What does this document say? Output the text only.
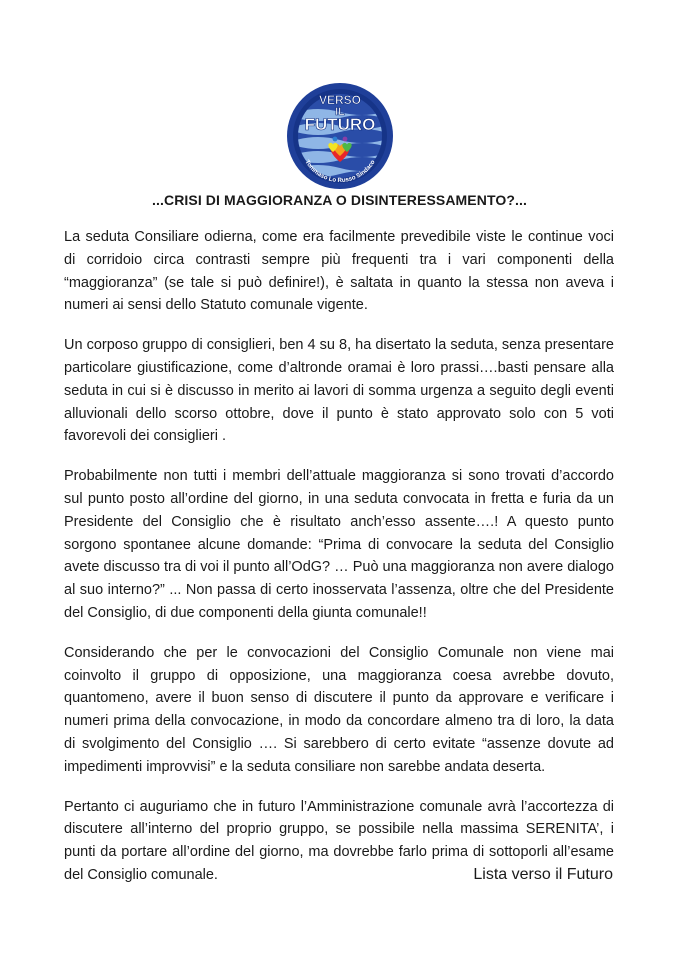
VERSO
IL
FUTURO
Tommaso Lo Russo Sindaco
...CRISI DI MAGGIORANZA O DISINTERESSAMENTO?...

La seduta Consiliare odierna, come era facilmente prevedibile viste le continue voci di corridoio circa contrasti sempre più frequenti tra i vari componenti della “maggioranza” (se tale si può definire!), è saltata in quanto la stessa non aveva i numeri ai sensi dello Statuto comunale vigente.

Un corposo gruppo di consiglieri, ben 4 su 8, ha disertato la seduta, senza presentare particolare giustificazione, come d’altronde oramai è loro prassi….basti pensare alla seduta in cui si è discusso in merito ai lavori di somma urgenza a seguito degli eventi alluvionali dello scorso ottobre, dove il punto è stato approvato solo con 5 voti favorevoli dei consiglieri .

Probabilmente non tutti i membri dell’attuale maggioranza si sono trovati d’accordo sul punto posto all’ordine del giorno, in una seduta convocata in fretta e furia da un Presidente del Consiglio che è risultato anch’esso assente….! A questo punto sorgono spontanee alcune domande: “Prima di convocare la seduta del Consiglio avete discusso tra di voi il punto all’OdG? … Può una maggioranza non avere dialogo al suo interno?” ... Non passa di certo inosservata l’assenza, oltre che del Presidente del Consiglio, di due componenti della giunta comunale!!

Considerando che per le convocazioni del Consiglio Comunale non viene mai coinvolto il gruppo di opposizione, una maggioranza coesa avrebbe dovuto, quantomeno, avere il buon senso di discutere il punto da approvare e verificare i numeri prima della convocazione, in modo da concordare almeno tra di loro, la data di svolgimento del Consiglio …. Si sarebbero di certo evitate “assenze dovute ad impedimenti improvvisi” e la seduta consiliare non sarebbe andata deserta.

Pertanto ci auguriamo che in futuro l’Amministrazione comunale avrà l’accortezza di discutere all’interno del proprio gruppo, se possibile nella massima SERENITA’, i punti da portare all’ordine del giorno, ma dovrebbe farlo prima di sottoporli all’esame del Consiglio comunale.	Lista verso il Futuro
